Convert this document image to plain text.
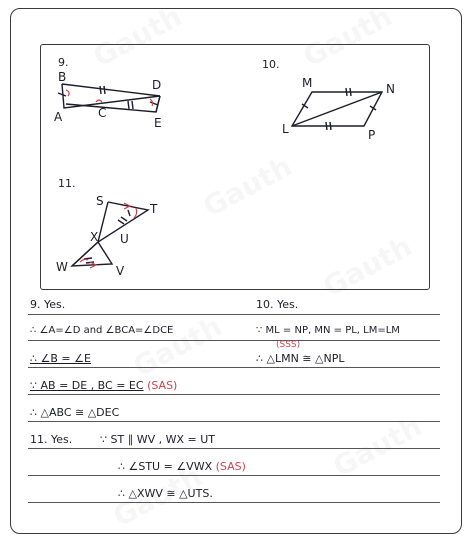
9.	10.
11.
B
A	C
D
E
M	N
L	P
S
T
X U
W	V
9. Yes.	10. Yes.
∴ ∠A=∠D and ∠BCA=∠DCE	∵ ML = NP, MN = PL, LM=LM
(SSS)
∴ ∠B = ∠E	∴ △LMN ≅ △NPL
∵ AB = DE , BC = EC (SAS)
∴ △ABC ≅ △DEC
11. Yes.	∵ ST ∥ WV , WX = UT
∴ ∠STU = ∠VWX (SAS)
∴ △XWV ≅ △UTS.
